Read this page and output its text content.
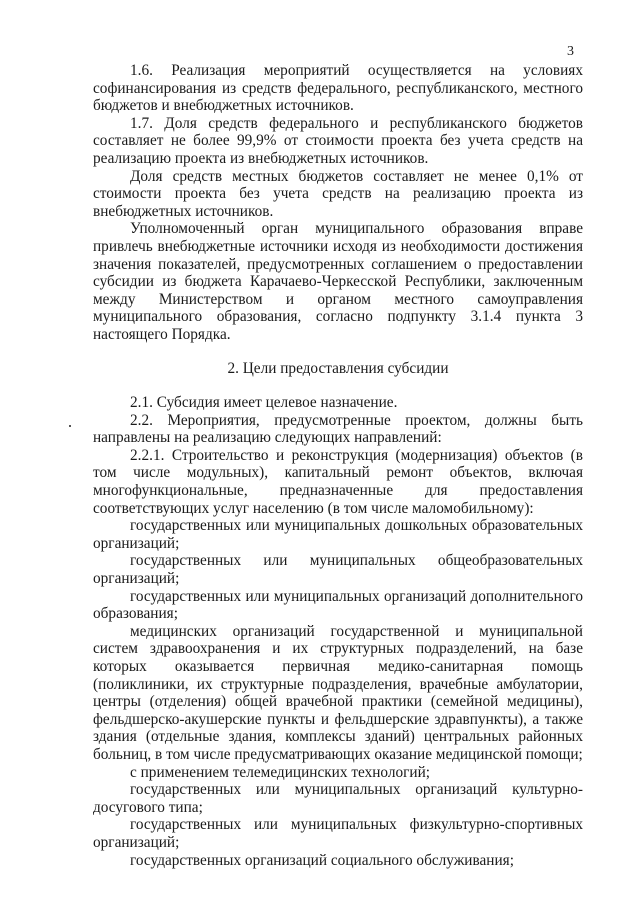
3

1.6. Реализация мероприятий осуществляется на условиях софинансирования из средств федерального, республиканского, местного бюджетов и внебюджетных источников.

1.7. Доля средств федерального и республиканского бюджетов составляет не более 99,9% от стоимости проекта без учета средств на реализацию проекта из внебюджетных источников.

Доля средств местных бюджетов составляет не менее 0,1% от стоимости проекта без учета средств на реализацию проекта из внебюджетных источников.

Уполномоченный орган муниципального образования вправе привлечь внебюджетные источники исходя из необходимости достижения значения показателей, предусмотренных соглашением о предоставлении субсидии из бюджета Карачаево-Черкесской Республики, заключенным между Министерством и органом местного самоуправления муниципального образования, согласно подпункту 3.1.4 пункта 3 настоящего Порядка.

2. Цели предоставления субсидии

2.1. Субсидия имеет целевое назначение.

2.2. Мероприятия, предусмотренные проектом, должны быть направлены на реализацию следующих направлений:

2.2.1. Строительство и реконструкция (модернизация) объектов (в том числе модульных), капитальный ремонт объектов, включая многофункциональные, предназначенные для предоставления соответствующих услуг населению (в том числе маломобильному):

государственных или муниципальных дошкольных образовательных организаций;

государственных или муниципальных общеобразовательных организаций;

государственных или муниципальных организаций дополнительного образования;

медицинских организаций государственной и муниципальной систем здравоохранения и их структурных подразделений, на базе которых оказывается первичная медико-санитарная помощь (поликлиники, их структурные подразделения, врачебные амбулатории, центры (отделения) общей врачебной практики (семейной медицины), фельдшерско-акушерские пункты и фельдшерские здравпункты), а также здания (отдельные здания, комплексы зданий) центральных районных больниц, в том числе предусматривающих оказание медицинской помощи;

с применением телемедицинских технологий;

государственных или муниципальных организаций культурно-досугового типа;

государственных или муниципальных физкультурно-спортивных организаций;

государственных организаций социального обслуживания;
